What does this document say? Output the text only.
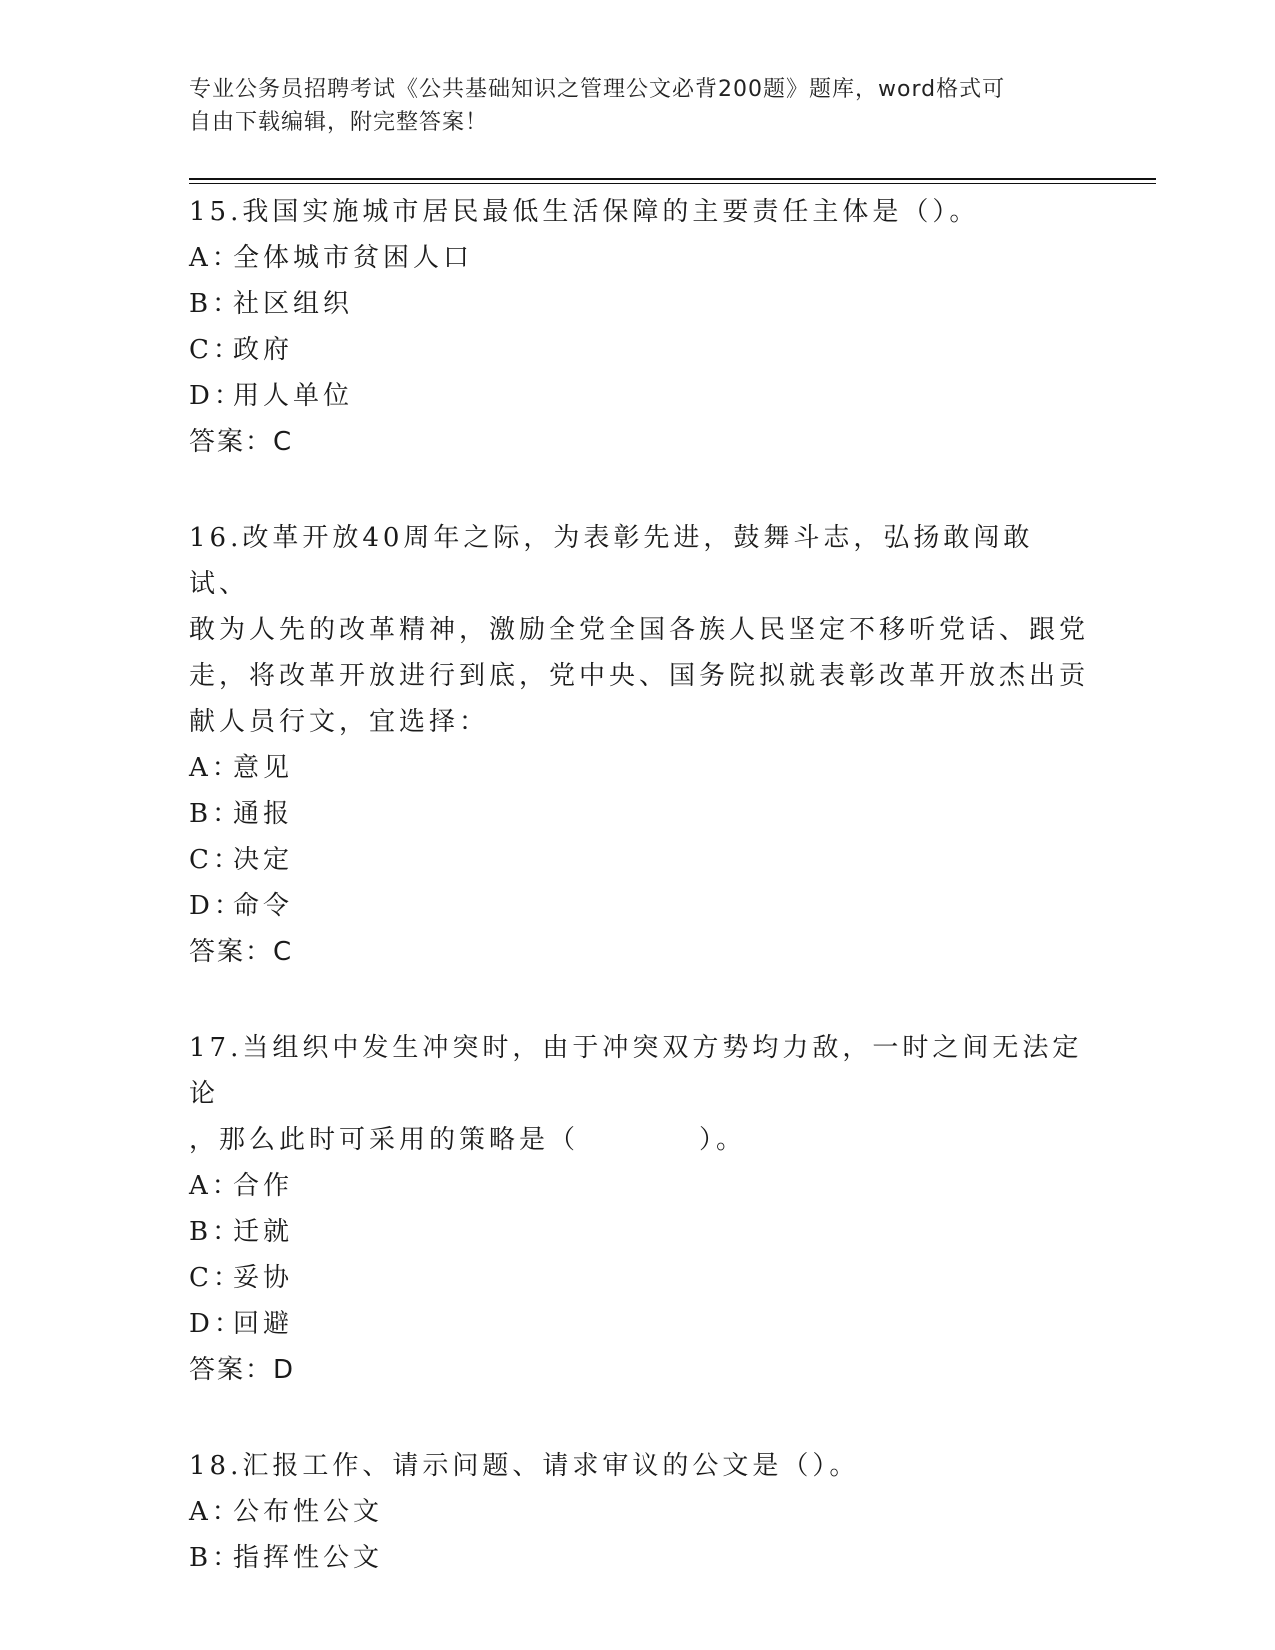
专业公务员招聘考试《公共基础知识之管理公文必背200题》题库，word格式可
自由下载编辑，附完整答案！
15.我国实施城市居民最低生活保障的主要责任主体是（）。
A：全体城市贫困人口
B：社区组织
C：政府
D：用人单位
答案：C
16.改革开放40周年之际，为表彰先进，鼓舞斗志，弘扬敢闯敢试、
敢为人先的改革精神，激励全党全国各族人民坚定不移听党话、跟党
走，将改革开放进行到底，党中央、国务院拟就表彰改革开放杰出贡
献人员行文，宜选择：
A：意见
B：通报
C：决定
D：命令
答案：C
17.当组织中发生冲突时，由于冲突双方势均力敌，一时之间无法定论
，那么此时可采用的策略是（　　　　）。
A：合作
B：迁就
C：妥协
D：回避
答案：D
18.汇报工作、请示问题、请求审议的公文是（）。
A：公布性公文
B：指挥性公文
